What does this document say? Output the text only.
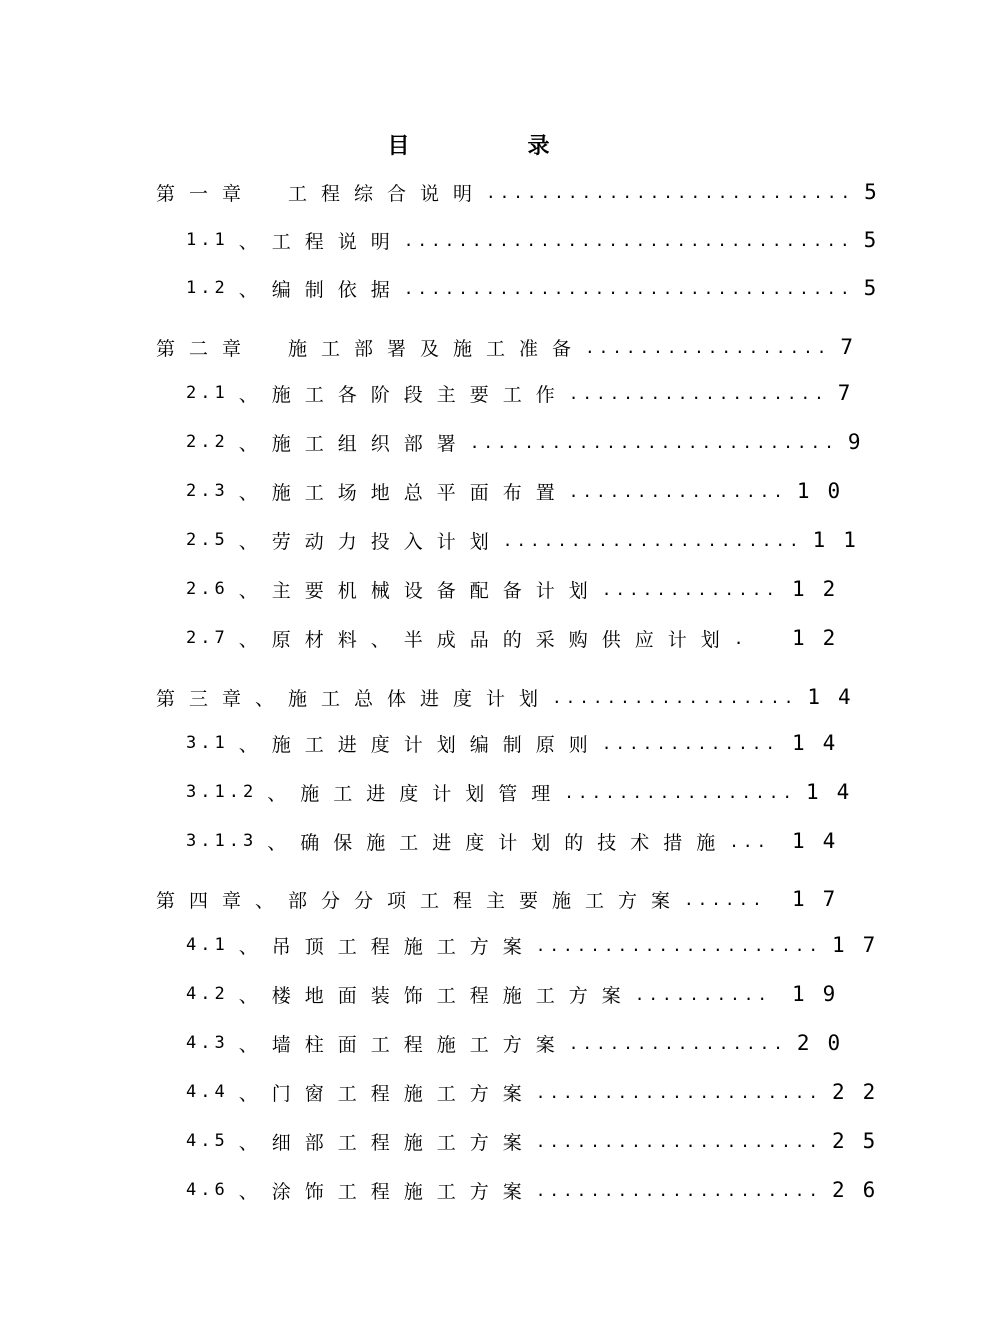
目　录
第一章　工程综合说明 ........................... 5
1.1 、工程说明 ................................. 5
1.2 、编制依据 ................................. 5
第二章　施工部署及施工准备 .................. 7
2.1 、施工各阶段主要工作 ................... 7
2.2 、施工组织部署 ........................... 9
2.3 、施工场地总平面布置 ................ 10
2.5 、劳动力投入计划 ...................... 11
2.6 、主要机械设备配备计划 ............. 12
2.7 、原材料、半成品的采购供应计划 .	12
第三章、施工总体进度计划 .................. 14
3.1 、施工进度计划编制原则 ............. 14
3.1.2 、施工进度计划管理 ................. 14
3.1.3 、确保施工进度计划的技术措施 ...	14
第四章、部分分项工程主要施工方案 ......	17
4.1 、吊顶工程施工方案 ..................... 17
4.2 、楼地面装饰工程施工方案 .......... 19
4.3 、墙柱面工程施工方案 ................ 20
4.4 、门窗工程施工方案 ..................... 22
4.5 、细部工程施工方案 ..................... 25
4.6 、涂饰工程施工方案 ..................... 26
